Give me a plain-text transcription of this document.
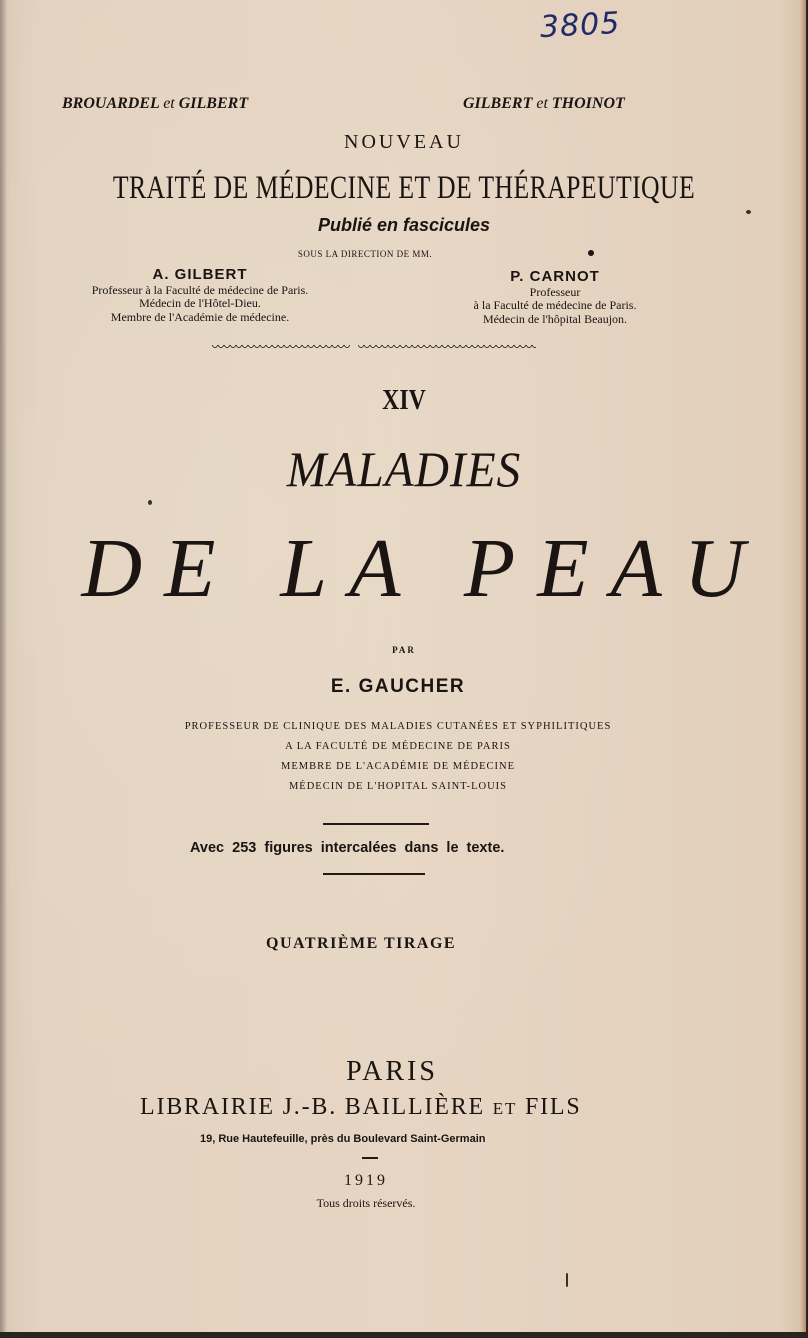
3805
BROUARDEL et GILBERT	GILBERT et THOINOT
NOUVEAU
TRAITÉ DE MÉDECINE ET DE THÉRAPEUTIQUE
Publié en fascicules
SOUS LA DIRECTION DE MM.
A. GILBERT
Professeur à la Faculté de médecine de Paris.
Médecin de l'Hôtel-Dieu.
Membre de l'Académie de médecine.
P. CARNOT
Professeur
à la Faculté de médecine de Paris.
Médecin de l'hôpital Beaujon.
XIV
MALADIES
DE LA PEAU
PAR
E. GAUCHER
PROFESSEUR DE CLINIQUE DES MALADIES CUTANÉES ET SYPHILITIQUES
A LA FACULTÉ DE MÉDECINE DE PARIS
MEMBRE DE L'ACADÉMIE DE MÉDECINE
MÉDECIN DE L'HOPITAL SAINT-LOUIS
Avec 253 figures intercalées dans le texte.
QUATRIÈME TIRAGE
PARIS
LIBRAIRIE J.-B. BAILLIÈRE ET FILS
19, Rue Hautefeuille, près du Boulevard Saint-Germain
1919
Tous droits réservés.
